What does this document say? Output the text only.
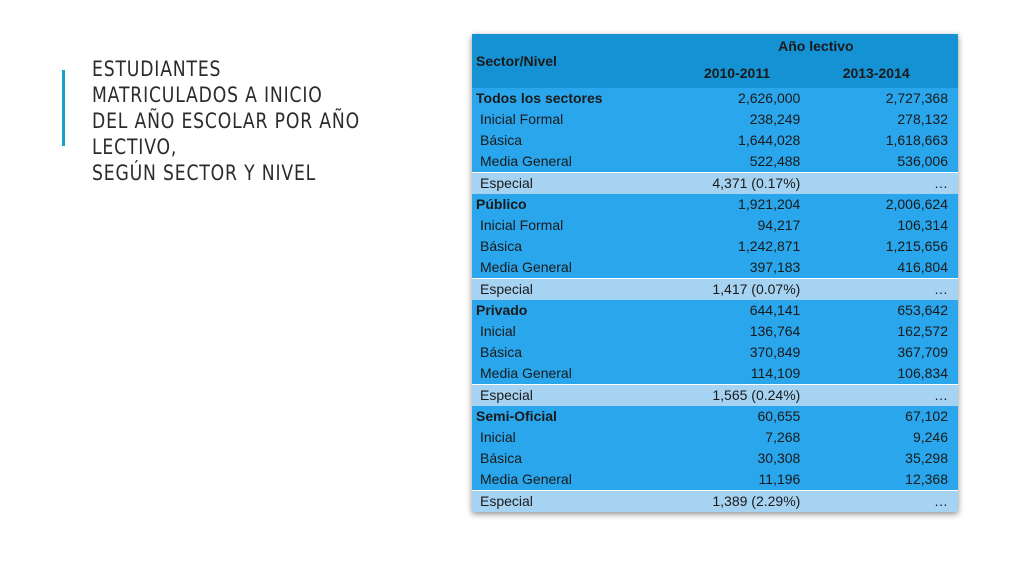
ESTUDIANTES MATRICULADOS A INICIO DEL AÑO ESCOLAR POR AÑO LECTIVO,
SEGÚN SECTOR Y NIVEL
Sector/Nivel	Año lectivo	
	2010-2011	2013-2014
Todos los sectores	2,626,000	2,727,368
Inicial Formal	238,249	278,132
Básica	1,644,028	1,618,663
Media General	522,488	536,006
Especial	4,371 (0.17%)	…
Público	1,921,204	2,006,624
Inicial Formal	94,217	106,314
Básica	1,242,871	1,215,656
Media General	397,183	416,804
Especial	1,417 (0.07%)	…
Privado	644,141	653,642
Inicial	136,764	162,572
Básica	370,849	367,709
Media General	114,109	106,834
Especial	1,565 (0.24%)	…
Semi-Oficial	60,655	67,102
Inicial	7,268	9,246
Básica	30,308	35,298
Media General	11,196	12,368
Especial	1,389 (2.29%)	…
